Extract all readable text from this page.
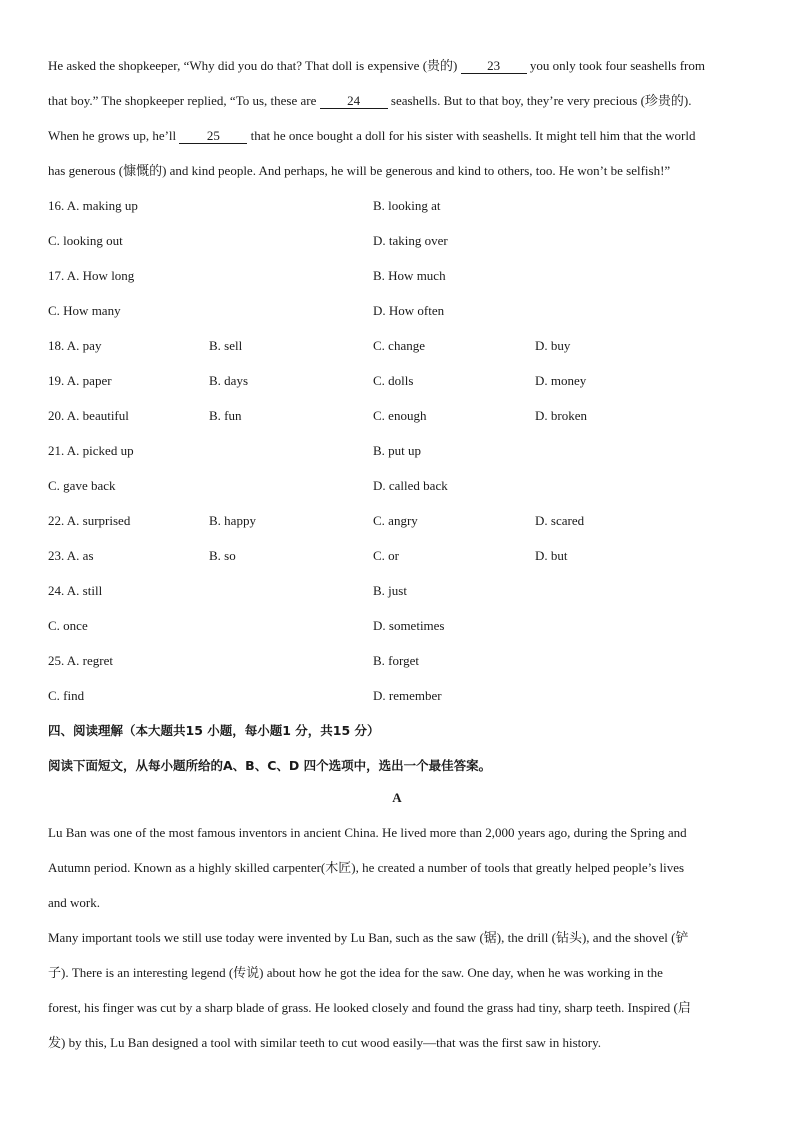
He asked the shopkeeper, “Why did you do that? That doll is expensive (贵的) 23 you only took four seashells from
that boy.” The shopkeeper replied, “To us, these are 24 seashells. But to that boy, they’re very precious (珍贵的).
When he grows up, he’ll 25 that he once bought a doll for his sister with seashells. It might tell him that the world
has generous (慷慨的) and kind people. And perhaps, he will be generous and kind to others, too. He won’t be selfish!”
16. A. making up	B. looking at
C. looking out	D. taking over
17. A. How long	B. How much
C. How many	D. How often
18. A. pay	B. sell	C. change	D. buy
19. A. paper	B. days	C. dolls	D. money
20. A. beautiful	B. fun	C. enough	D. broken
21. A. picked up	B. put up
C. gave back	D. called back
22. A. surprised	B. happy	C. angry	D. scared
23. A. as	B. so	C. or	D. but
24. A. still	B. just
C. once	D. sometimes
25. A. regret	B. forget
C. find	D. remember
四、阅读理解（本大题共15 小题，每小题1 分，共15 分）
阅读下面短文，从每小题所给的A、B、C、D 四个选项中，选出一个最佳答案。
A
Lu Ban was one of the most famous inventors in ancient China. He lived more than 2,000 years ago, during the Spring and
Autumn period. Known as a highly skilled carpenter(木匠), he created a number of tools that greatly helped people’s lives
and work.
Many important tools we still use today were invented by Lu Ban, such as the saw (锯), the drill (钻头), and the shovel (铲
子). There is an interesting legend (传说) about how he got the idea for the saw. One day, when he was working in the
forest, his finger was cut by a sharp blade of grass. He looked closely and found the grass had tiny, sharp teeth. Inspired (启
发) by this, Lu Ban designed a tool with similar teeth to cut wood easily—that was the first saw in history.
